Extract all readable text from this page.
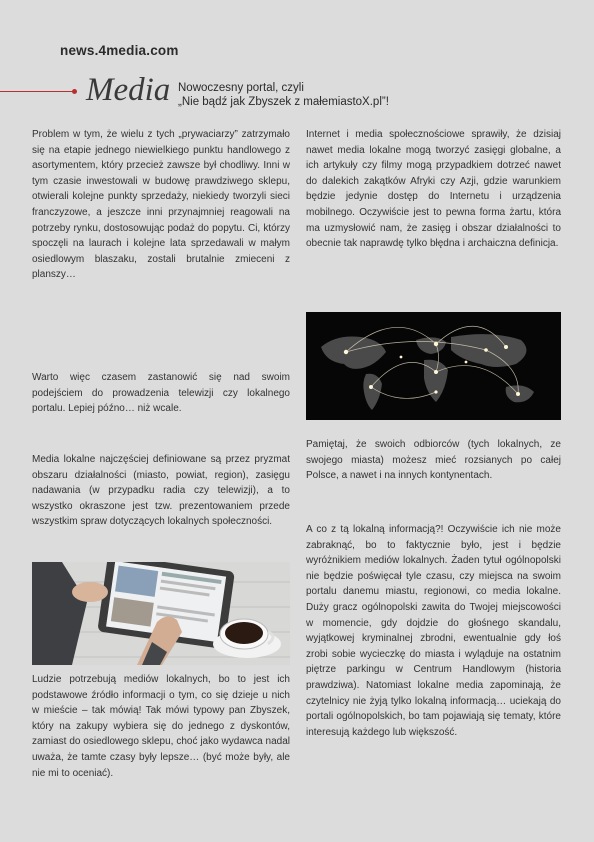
news.4media.com
Media Nowoczesny portal, czyli
„Nie bądź jak Zbyszek z małemiastoX.pl”!

Problem w tym, że wielu z tych „prywaciarzy” zatrzymało się na etapie jednego niewielkiego punktu handlowego z asortymentem, który przecież zawsze był chodliwy. Inni w tym czasie inwestowali w budowę prawdziwego sklepu, otwierali kolejne punkty sprzedaży, niekiedy tworzyli sieci franczyzowe, a jeszcze inni przynajmniej reagowali na potrzeby rynku, dostosowując podaż do popytu. Ci, którzy spoczęli na laurach i kolejne lata sprzedawali w małym osiedlowym blaszaku, zostali brutalnie zmieceni z planszy…

Warto więc czasem zastanowić się nad swoim podejściem do prowadzenia telewizji czy lokalnego portalu. Lepiej późno… niż wcale.

Media lokalne najczęściej definiowane są przez pryzmat obszaru działalności (miasto, powiat, region), zasięgu nadawania (w przypadku radia czy telewizji), a to wszystko okraszone jest tzw. prezentowaniem przede wszystkim spraw dotyczących lokalnych społeczności.

Ludzie potrzebują mediów lokalnych, bo to jest ich podstawowe źródło informacji o tym, co się dzieje u nich w mieście – tak mówią! Tak mówi typowy pan Zbyszek, który na zakupy wybiera się do jednego z dyskontów, zamiast do osiedlowego sklepu, choć jako wydawca nadal uważa, że tamte czasy były lepsze… (być może były, ale nie mi to oceniać).

Internet i media społecznościowe sprawiły, że dzisiaj nawet media lokalne mogą tworzyć zasięgi globalne, a ich artykuły czy filmy mogą przypadkiem dotrzeć nawet do dalekich zakątków Afryki czy Azji, gdzie warunkiem będzie jedynie dostęp do Internetu i urządzenia mobilnego. Oczywiście jest to pewna forma żartu, która ma uzmysłowić nam, że zasięg i obszar działalności to obecnie tak naprawdę tylko błędna i archaiczna definicja.

Pamiętaj, że swoich odbiorców (tych lokalnych, ze swojego miasta) możesz mieć rozsianych po całej Polsce, a nawet i na innych kontynentach.

A co z tą lokalną informacją?! Oczywiście ich nie może zabraknąć, bo to faktycznie było, jest i będzie wyróżnikiem mediów lokalnych. Żaden tytuł ogólnopolski nie będzie poświęcał tyle czasu, czy miejsca na swoim portalu danemu miastu, regionowi, co media lokalne. Duży gracz ogólnopolski zawita do Twojej miejscowości w momencie, gdy dojdzie do głośnego skandalu, wyjątkowej kryminalnej zbrodni, ewentualnie gdy łoś zrobi sobie wycieczkę do miasta i wyląduje na ostatnim piętrze parkingu w Centrum Handlowym (historia prawdziwa). Natomiast lokalne media zapominają, że czytelnicy nie żyją tylko lokalną informacją… uciekają do portali ogólnopolskich, bo tam pojawiają się tematy, które interesują każdego lub większość.
